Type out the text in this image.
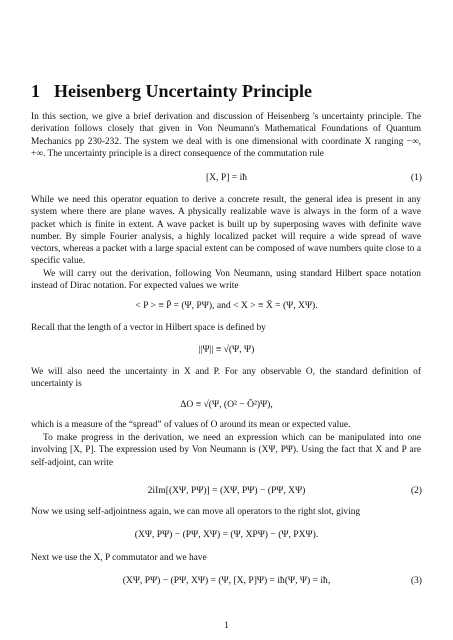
1 Heisenberg Uncertainty Principle
In this section, we give a brief derivation and discussion of Heisenberg 's uncertainty principle. The derivation follows closely that given in Von Neumann's Mathematical Foundations of Quantum Mechanics pp 230-232. The system we deal with is one dimensional with coordinate X ranging −∞, +∞. The uncertainty principle is a direct consequence of the commutation rule
[X, P] = iħ	(1)
While we need this operator equation to derive a concrete result, the general idea is present in any system where there are plane waves. A physically realizable wave is always in the form of a wave packet which is finite in extent. A wave packet is built up by superposing waves with definite wave number. By simple Fourier analysis, a highly localized packet will require a wide spread of wave vectors, whereas a packet with a large spacial extent can be composed of wave numbers quite close to a specific value.
We will carry out the derivation, following Von Neumann, using standard Hilbert space notation instead of Dirac notation. For expected values we write
< P > ≡ P̄ = (Ψ, PΨ), and < X > ≡ X̄ = (Ψ, XΨ).
Recall that the length of a vector in Hilbert space is defined by
||Ψ|| ≡ √(Ψ, Ψ)
We will also need the uncertainty in X and P. For any observable O, the standard definition of uncertainty is
ΔO ≡ √(Ψ, (O² − Ō²)Ψ),
which is a measure of the “spread” of values of O around its mean or expected value.
To make progress in the derivation, we need an expression which can be manipulated into one involving [X, P]. The expression used by Von Neumann is (XΨ, PΨ). Using the fact that X and P are self-adjoint, can write
2iIm[(XΨ, PΨ)] = (XΨ, PΨ) − (PΨ, XΨ)	(2)
Now we using self-adjointness again, we can move all operators to the right slot, giving
(XΨ, PΨ) − (PΨ, XΨ) = (Ψ, XPΨ) − (Ψ, PXΨ).
Next we use the X, P commutator and we have
(XΨ, PΨ) − (PΨ, XΨ) = (Ψ, [X, P]Ψ) = iħ(Ψ, Ψ) = iħ,	(3)
1
